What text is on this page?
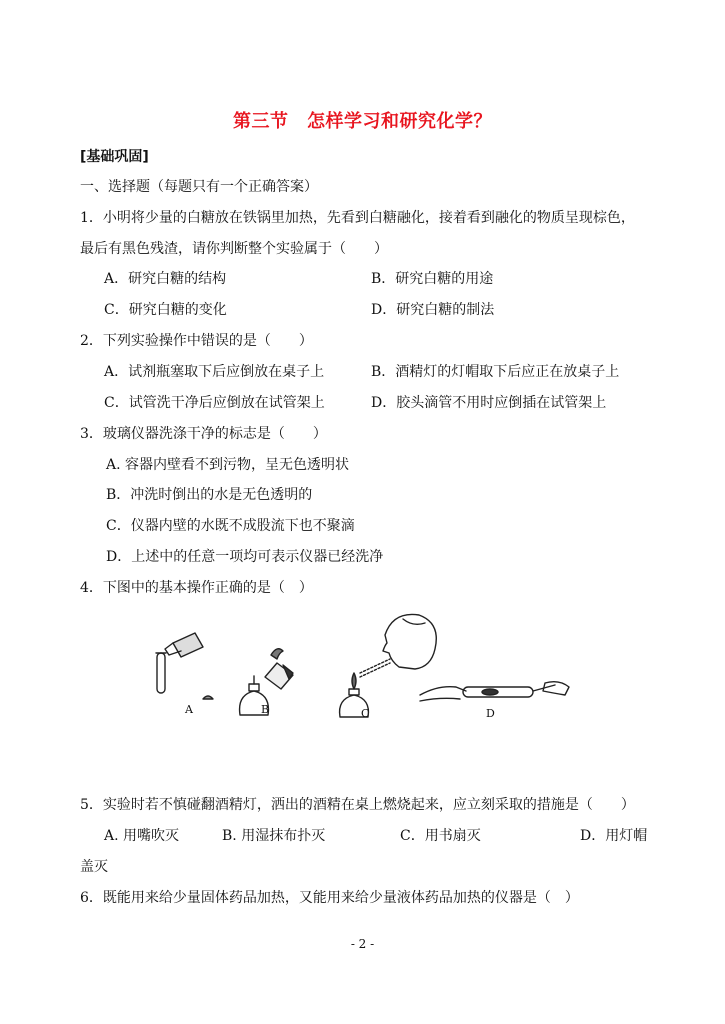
第三节　怎样学习和研究化学？
[基础巩固]
一、选择题（每题只有一个正确答案）
1．小明将少量的白糖放在铁锅里加热，先看到白糖融化，接着看到融化的物质呈现棕色，
最后有黑色残渣，请你判断整个实验属于（　　）
A．研究白糖的结构	B．研究白糖的用途
C．研究白糖的变化	D．研究白糖的制法
2．下列实验操作中错误的是（　　）
A．试剂瓶塞取下后应倒放在桌子上	B．酒精灯的灯帽取下后应正在放桌子上
C．试管洗干净后应倒放在试管架上	D．胶头滴管不用时应倒插在试管架上
3．玻璃仪器洗涤干净的标志是（　　）
A. 容器内壁看不到污物，呈无色透明状
B．冲洗时倒出的水是无色透明的
C．仪器内壁的水既不成股流下也不聚滴
D．上述中的任意一项均可表示仪器已经洗净
4．下图中的基本操作正确的是（　）
A	B	C	D
5．实验时若不慎碰翻酒精灯，洒出的酒精在桌上燃烧起来，应立刻采取的措施是（　　）
A. 用嘴吹灭	B. 用湿抹布扑灭	C．用书扇灭	D．用灯帽
盖灭
6．既能用来给少量固体药品加热，又能用来给少量液体药品加热的仪器是（　）
- 2 -
